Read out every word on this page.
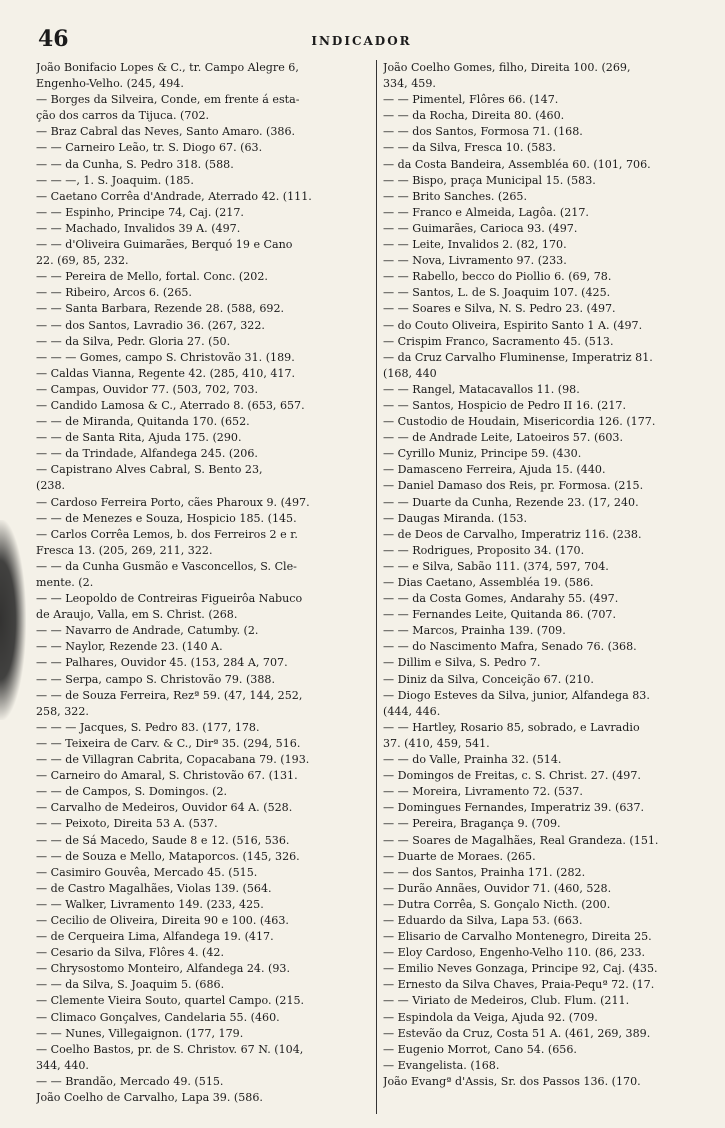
46	INDICADOR
João Bonifacio Lopes & C., tr. Campo Alegre 6,
Engenho-Velho. (245, 494.
— Borges da Silveira, Conde, em frente á esta-
ção dos carros da Tijuca. (702.
— Braz Cabral das Neves, Santo Amaro. (386.
— — Carneiro Leão, tr. S. Diogo 67. (63.
— — da Cunha, S. Pedro 318. (588.
— — —, 1. S. Joaquim. (185.
— Caetano Corrêa d'Andrade, Aterrado 42. (111.
— — Espinho, Principe 74, Caj. (217.
— — Machado, Invalidos 39 A. (497.
— — d'Oliveira Guimarães, Berquó 19 e Cano
22. (69, 85, 232.
— — Pereira de Mello, fortal. Conc. (202.
— — Ribeiro, Arcos 6. (265.
— — Santa Barbara, Rezende 28. (588, 692.
— — dos Santos, Lavradio 36. (267, 322.
— — da Silva, Pedr. Gloria 27. (50.
— — — Gomes, campo S. Christovão 31. (189.
— Caldas Vianna, Regente 42. (285, 410, 417.
— Campas, Ouvidor 77. (503, 702, 703.
— Candido Lamosa & C., Aterrado 8. (653, 657.
— — de Miranda, Quitanda 170. (652.
— — de Santa Rita, Ajuda 175. (290.
— — da Trindade, Alfandega 245. (206.
— Capistrano Alves Cabral, S. Bento 23,
(238.
— Cardoso Ferreira Porto, cães Pharoux 9. (497.
— — de Menezes e Souza, Hospicio 185. (145.
— Carlos Corrêa Lemos, b. dos Ferreiros 2 e r.
Fresca 13. (205, 269, 211, 322.
— — da Cunha Gusmão e Vasconcellos, S. Cle-
mente. (2.
— — Leopoldo de Contreiras Figueirôa Nabuco
de Araujo, Valla, em S. Christ. (268.
— — Navarro de Andrade, Catumby. (2.
— — Naylor, Rezende 23. (140 A.
— — Palhares, Ouvidor 45. (153, 284 A, 707.
— — Serpa, campo S. Christovão 79. (388.
— — de Souza Ferreira, Rezª 59. (47, 144, 252,
258, 322.
— — — Jacques, S. Pedro 83. (177, 178.
— — Teixeira de Carv. & C., Dirª 35. (294, 516.
— — de Villagran Cabrita, Copacabana 79. (193.
— Carneiro do Amaral, S. Christovão 67. (131.
— — de Campos, S. Domingos. (2.
— Carvalho de Medeiros, Ouvidor 64 A. (528.
— — Peixoto, Direita 53 A. (537.
— — de Sá Macedo, Saude 8 e 12. (516, 536.
— — de Souza e Mello, Mataporcos. (145, 326.
— Casimiro Gouvêa, Mercado 45. (515.
— de Castro Magalhães, Violas 139. (564.
— — Walker, Livramento 149. (233, 425.
— Cecilio de Oliveira, Direita 90 e 100. (463.
— de Cerqueira Lima, Alfandega 19. (417.
— Cesario da Silva, Flôres 4. (42.
— Chrysostomo Monteiro, Alfandega 24. (93.
— — da Silva, S. Joaquim 5. (686.
— Clemente Vieira Souto, quartel Campo. (215.
— Climaco Gonçalves, Candelaria 55. (460.
— — Nunes, Villegaignon. (177, 179.
— Coelho Bastos, pr. de S. Christov. 67 N. (104,
344, 440.
— — Brandão, Mercado 49. (515.
João Coelho de Carvalho, Lapa 39. (586.
João Coelho Gomes, filho, Direita 100. (269,
334, 459.
— — Pimentel, Flôres 66. (147.
— — da Rocha, Direita 80. (460.
— — dos Santos, Formosa 71. (168.
— — da Silva, Fresca 10. (583.
— da Costa Bandeira, Assembléa 60. (101, 706.
— — Bispo, praça Municipal 15. (583.
— — Brito Sanches. (265.
— — Franco e Almeida, Lagôa. (217.
— — Guimarães, Carioca 93. (497.
— — Leite, Invalidos 2. (82, 170.
— — Nova, Livramento 97. (233.
— — Rabello, becco do Piollio 6. (69, 78.
— — Santos, L. de S. Joaquim 107. (425.
— — Soares e Silva, N. S. Pedro 23. (497.
— do Couto Oliveira, Espirito Santo 1 A. (497.
— Crispim Franco, Sacramento 45. (513.
— da Cruz Carvalho Fluminense, Imperatriz 81.
(168, 440
— — Rangel, Matacavallos 11. (98.
— — Santos, Hospicio de Pedro II 16. (217.
— Custodio de Houdain, Misericordia 126. (177.
— — de Andrade Leite, Latoeiros 57. (603.
— Cyrillo Muniz, Principe 59. (430.
— Damasceno Ferreira, Ajuda 15. (440.
— Daniel Damaso dos Reis, pr. Formosa. (215.
— — Duarte da Cunha, Rezende 23. (17, 240.
— Daugas Miranda. (153.
— de Deos de Carvalho, Imperatriz 116. (238.
— — Rodrigues, Proposito 34. (170.
— — e Silva, Sabão 111. (374, 597, 704.
— Dias Caetano, Assembléa 19. (586.
— — da Costa Gomes, Andarahy 55. (497.
— — Fernandes Leite, Quitanda 86. (707.
— — Marcos, Prainha 139. (709.
— — do Nascimento Mafra, Senado 76. (368.
— Dillim e Silva, S. Pedro 7.
— Diniz da Silva, Conceição 67. (210.
— Diogo Esteves da Silva, junior, Alfandega 83.
(444, 446.
— — Hartley, Rosario 85, sobrado, e Lavradio
37. (410, 459, 541.
— — do Valle, Prainha 32. (514.
— Domingos de Freitas, c. S. Christ. 27. (497.
— — Moreira, Livramento 72. (537.
— Domingues Fernandes, Imperatriz 39. (637.
— — Pereira, Bragança 9. (709.
— — Soares de Magalhães, Real Grandeza. (151.
— Duarte de Moraes. (265.
— — dos Santos, Prainha 171. (282.
— Durão Annães, Ouvidor 71. (460, 528.
— Dutra Corrêa, S. Gonçalo Nicth. (200.
— Eduardo da Silva, Lapa 53. (663.
— Elisario de Carvalho Montenegro, Direita 25.
— Eloy Cardoso, Engenho-Velho 110. (86, 233.
— Emilio Neves Gonzaga, Principe 92, Caj. (435.
— Ernesto da Silva Chaves, Praia-Pequª 72. (17.
— — Viriato de Medeiros, Club. Flum. (211.
— Espindola da Veiga, Ajuda 92. (709.
— Estevão da Cruz, Costa 51 A. (461, 269, 389.
— Eugenio Morrot, Cano 54. (656.
— Evangelista. (168.
João Evangª d'Assis, Sr. dos Passos 136. (170.
